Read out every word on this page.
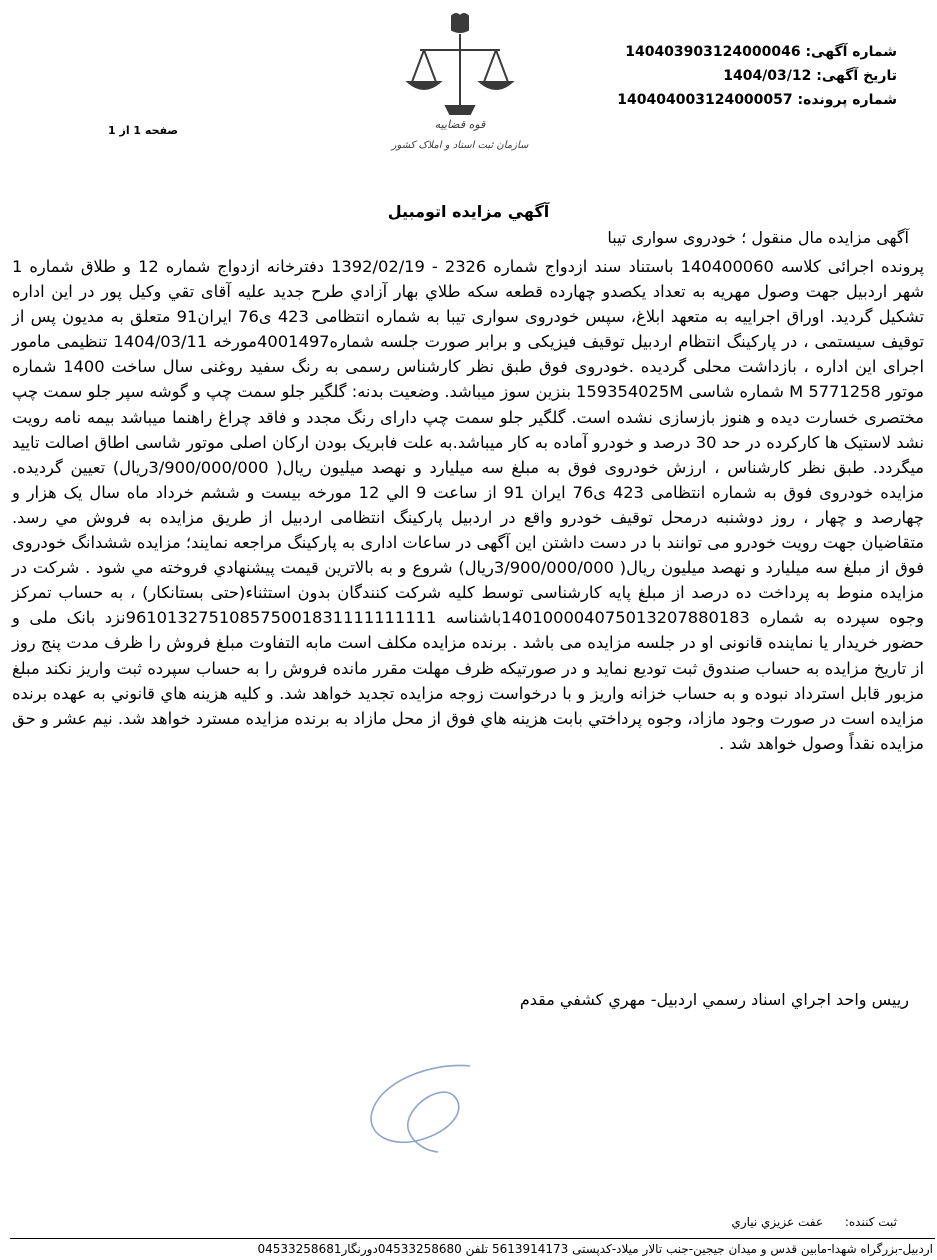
شماره آگهی: 140403903124000046
تاریخ آگهی: 1404/03/12
شماره پرونده: 140404003124000057
صفحه 1 از 1	قوه قضاییه
سازمان ثبت اسناد و املاک کشور
آگهي مزايده اتومبيل
آگهی مزایده مال منقول ؛ خودروی سواری تیبا
پرونده اجرائی کلاسه 140400060 باستناد سند ازدواج شماره 2326 - 1392/02/19 دفترخانه ازدواج شماره 12 و طلاق شماره 1 شهر اردبیل جهت وصول مهریه به تعداد یکصدو چهارده قطعه سکه طلاي بهار آزادي طرح جدید علیه آقای تقي وکیل پور در این اداره تشکیل گردید. اوراق اجراییه به متعهد ابلاغ، سپس خودروی سواری تیبا به شماره انتظامی 423 ی76 ایران91 متعلق به مدیون پس از توقیف سیستمی ، در پارکینگ انتظام اردبیل توقیف فیزیکی و برابر صورت جلسه شماره4001497مورخه 1404/03/11 تنظیمی مامور اجرای این اداره ، بازداشت محلی گردیده .خودروی فوق طبق نظر کارشناس رسمی به رنگ سفید روغنی سال ساخت 1400 شماره موتور 5771258 M شماره شاسی 159354025M بنزین سوز میباشد. وضعیت بدنه: گلگیر جلو سمت چپ و گوشه سپر جلو سمت چپ مختصری خسارت دیده و هنوز بازسازی نشده است. گلگیر جلو سمت چپ دارای رنگ مجدد و فاقد چراغ راهنما میباشد بیمه نامه رویت نشد لاستیک ها کارکرده در حد 30 درصد و خودرو آماده به کار میباشد.به علت فابریک بودن ارکان اصلی موتور شاسی اطاق اصالت تایید میگردد. طبق نظر کارشناس ، ارزش خودروی فوق به مبلغ سه میلیارد و نهصد میلیون ریال( 3/900/000/000ریال) تعیین گردیده. مزایده خودروی فوق به شماره انتظامی 423 ی76 ایران 91 از ساعت 9 الي 12 مورخه بیست و ششم خرداد ماه سال یک هزار و چهارصد و چهار ، روز دوشنبه درمحل توقیف خودرو واقع در اردبیل پارکینگ انتظامی اردبیل از طریق مزایده به فروش مي رسد. متقاضیان جهت رویت خودرو می توانند با در دست داشتن این آگهی در ساعات اداری به پارکینگ مراجعه نمایند؛ مزایده ششدانگ خودروی فوق از مبلغ سه میلیارد و نهصد میلیون ریال( 3/900/000/000ریال) شروع و به بالاترین قیمت پیشنهادي فروخته مي شود . شرکت در مزایده منوط به پرداخت ده درصد از مبلغ پایه کارشناسی توسط کلیه شرکت کنندگان بدون استثناء(حتی بستانکار) ، به حساب تمرکز وجوه سپرده به شماره 140100004075013207880183باشناسه 961013275108575001831111111111نزد بانک ملی و حضور خریدار یا نماینده قانونی او در جلسه مزایده می باشد . برنده مزایده مکلف است مابه التفاوت مبلغ فروش را ظرف مدت پنج روز از تاریخ مزایده به حساب صندوق ثبت تودیع نماید و در صورتیکه ظرف مهلت مقرر مانده فروش را به حساب سپرده ثبت واریز نکند مبلغ مزبور قابل استرداد نبوده و به حساب خزانه واریز و با درخواست زوجه مزایده تجدید خواهد شد. و کلیه هزینه هاي قانوني به عهده برنده مزایده است در صورت وجود مازاد، وجوه پرداختي بابت هزینه هاي فوق از محل مازاد به برنده مزایده مسترد خواهد شد. نیم عشر و حق مزایده نقداً وصول خواهد شد .
رييس واحد اجراي اسناد رسمي اردبيل- مهري کشفي مقدم
ثبت کننده: عفت عزيزي نياري
اردبیل-بزرگراه شهدا-مابین قدس و میدان جیجین-جنب تالار میلاد-کدپستی 5613914173 تلفن 04533258680دورنگار04533258681
